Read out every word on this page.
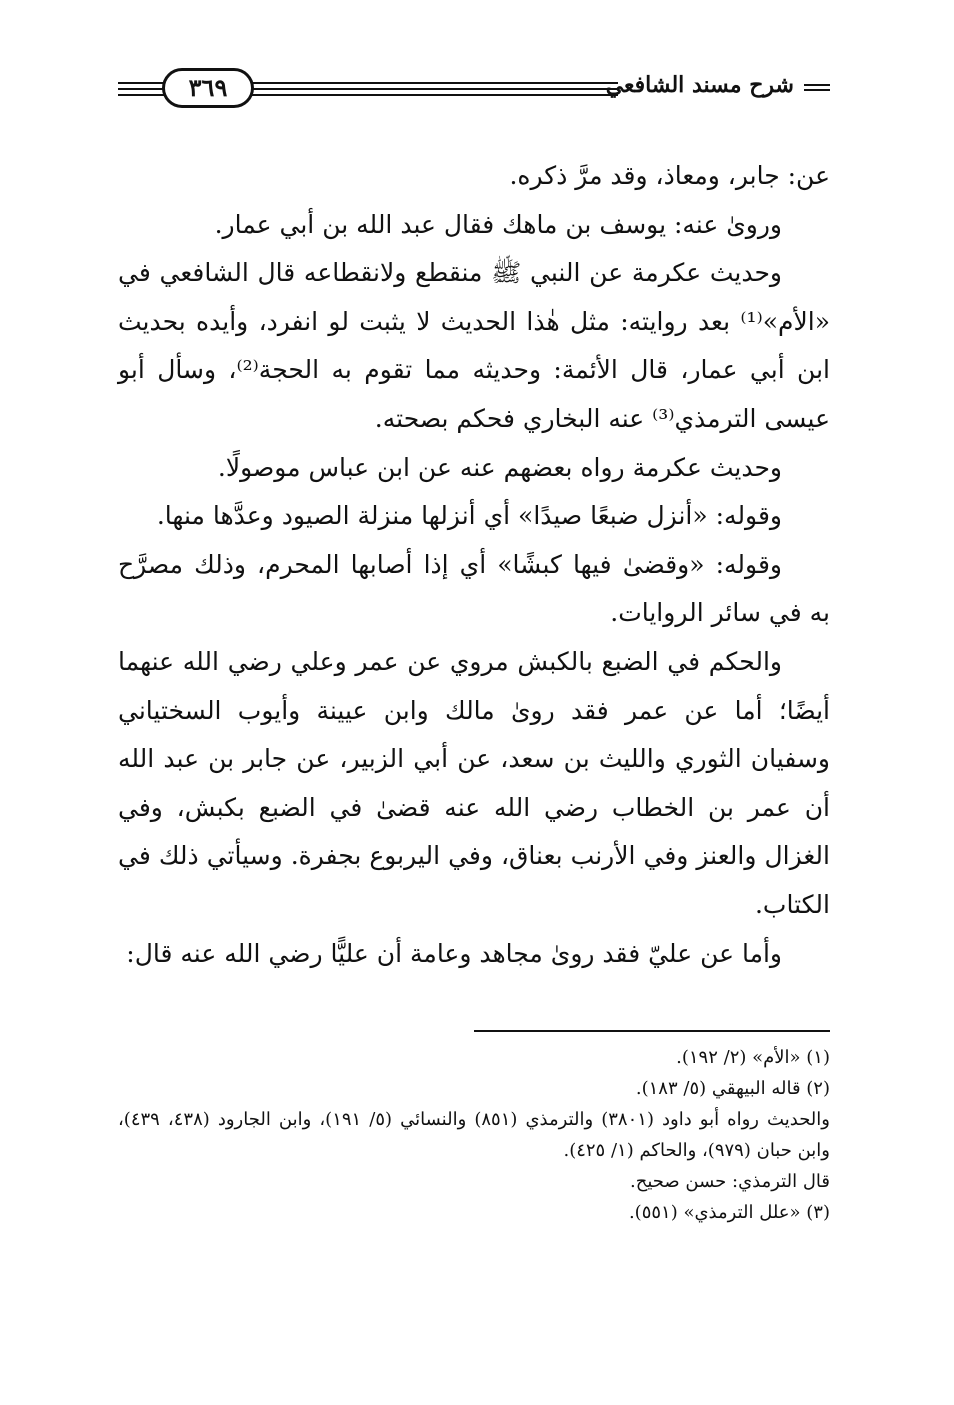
٣٦٩	شرح مسند الشافعي

عن: جابر، ومعاذ، وقد مرَّ ذكره.

ورویٰ عنه: يوسف بن ماهك فقال عبد الله بن أبي عمار.

وحديث عكرمة عن النبي ﷺ منقطع ولانقطاعه قال الشافعي في «الأم»⁽¹⁾ بعد روايته: مثل هٰذا الحديث لا يثبت لو انفرد، وأيده بحديث ابن أبي عمار، قال الأئمة: وحديثه مما تقوم به الحجة⁽²⁾، وسأل أبو عيسى الترمذي⁽³⁾ عنه البخاري فحكم بصحته.

وحديث عكرمة رواه بعضهم عنه عن ابن عباس موصولًا.

وقوله: «أنزل ضبعًا صيدًا» أي أنزلها منزلة الصيود وعدَّها منها.

وقوله: «وقضىٰ فيها كبشًا» أي إذا أصابها المحرم، وذلك مصرَّح به في سائر الروايات.

والحكم في الضبع بالكبش مروي عن عمر وعلي رضي الله عنهما أيضًا؛ أما عن عمر فقد روىٰ مالك وابن عيينة وأيوب السختياني وسفيان الثوري والليث بن سعد، عن أبي الزبير، عن جابر بن عبد الله أن عمر بن الخطاب رضي الله عنه قضىٰ في الضبع بكبش، وفي الغزال والعنز وفي الأرنب بعناق، وفي اليربوع بجفرة. وسيأتي ذلك في الكتاب.

وأما عن عليّ فقد روىٰ مجاهد وعامة أن عليًّا رضي الله عنه قال:

(١) «الأم» (٢/ ١٩٢).

(٢) قاله البيهقي (٥/ ١٨٣).

والحديث رواه أبو داود (٣٨٠١) والترمذي (٨٥١) والنسائي (٥/ ١٩١)، وابن الجارود (٤٣٨، ٤٣٩)، وابن حبان (٩٧٩)، والحاكم (١/ ٤٢٥).

قال الترمذي: حسن صحيح.

(٣) «علل الترمذي» (٥٥١).
